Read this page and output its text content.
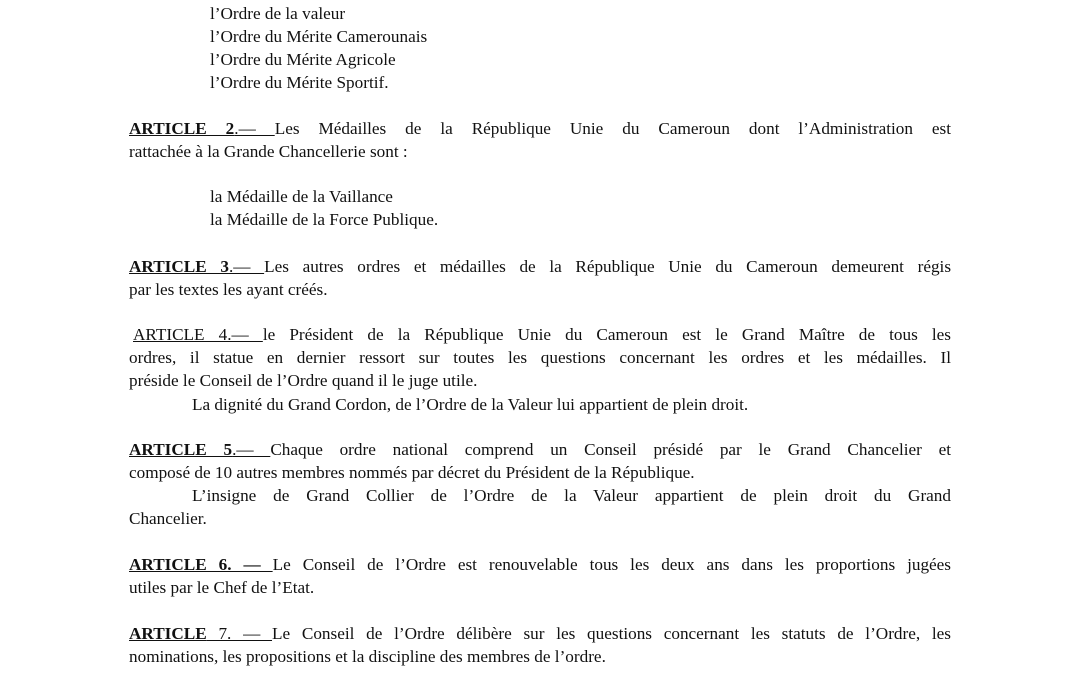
l’Ordre de la valeur
l’Ordre du Mérite Camerounais
l’Ordre du Mérite Agricole
l’Ordre du Mérite Sportif.
ARTICLE 2.— Les Médailles de la République Unie du Cameroun dont l’Administration est
rattachée à la Grande Chancellerie sont :
la Médaille de la Vaillance
la Médaille de la Force Publique.
ARTICLE 3.— Les autres ordres et médailles de la République Unie du Cameroun demeurent régis
par les textes les ayant créés.
ARTICLE 4.— le Président de la République Unie du Cameroun est le Grand Maître de tous les
ordres, il statue en dernier ressort sur toutes les questions concernant les ordres et les médailles. Il
préside le Conseil de l’Ordre quand il le juge utile.
La dignité du Grand Cordon, de l’Ordre de la Valeur lui appartient de plein droit.
ARTICLE 5.— Chaque ordre national comprend un Conseil présidé par le Grand Chancelier et
composé de 10 autres membres nommés par décret du Président de la République.
L’insigne de Grand Collier de l’Ordre de la Valeur appartient de plein droit du Grand
Chancelier.
ARTICLE 6. — Le Conseil de l’Ordre est renouvelable tous les deux ans dans les proportions jugées
utiles par le Chef de l’Etat.
ARTICLE 7. — Le Conseil de l’Ordre délibère sur les questions concernant les statuts de l’Ordre, les
nominations, les propositions et la discipline des membres de l’ordre.
